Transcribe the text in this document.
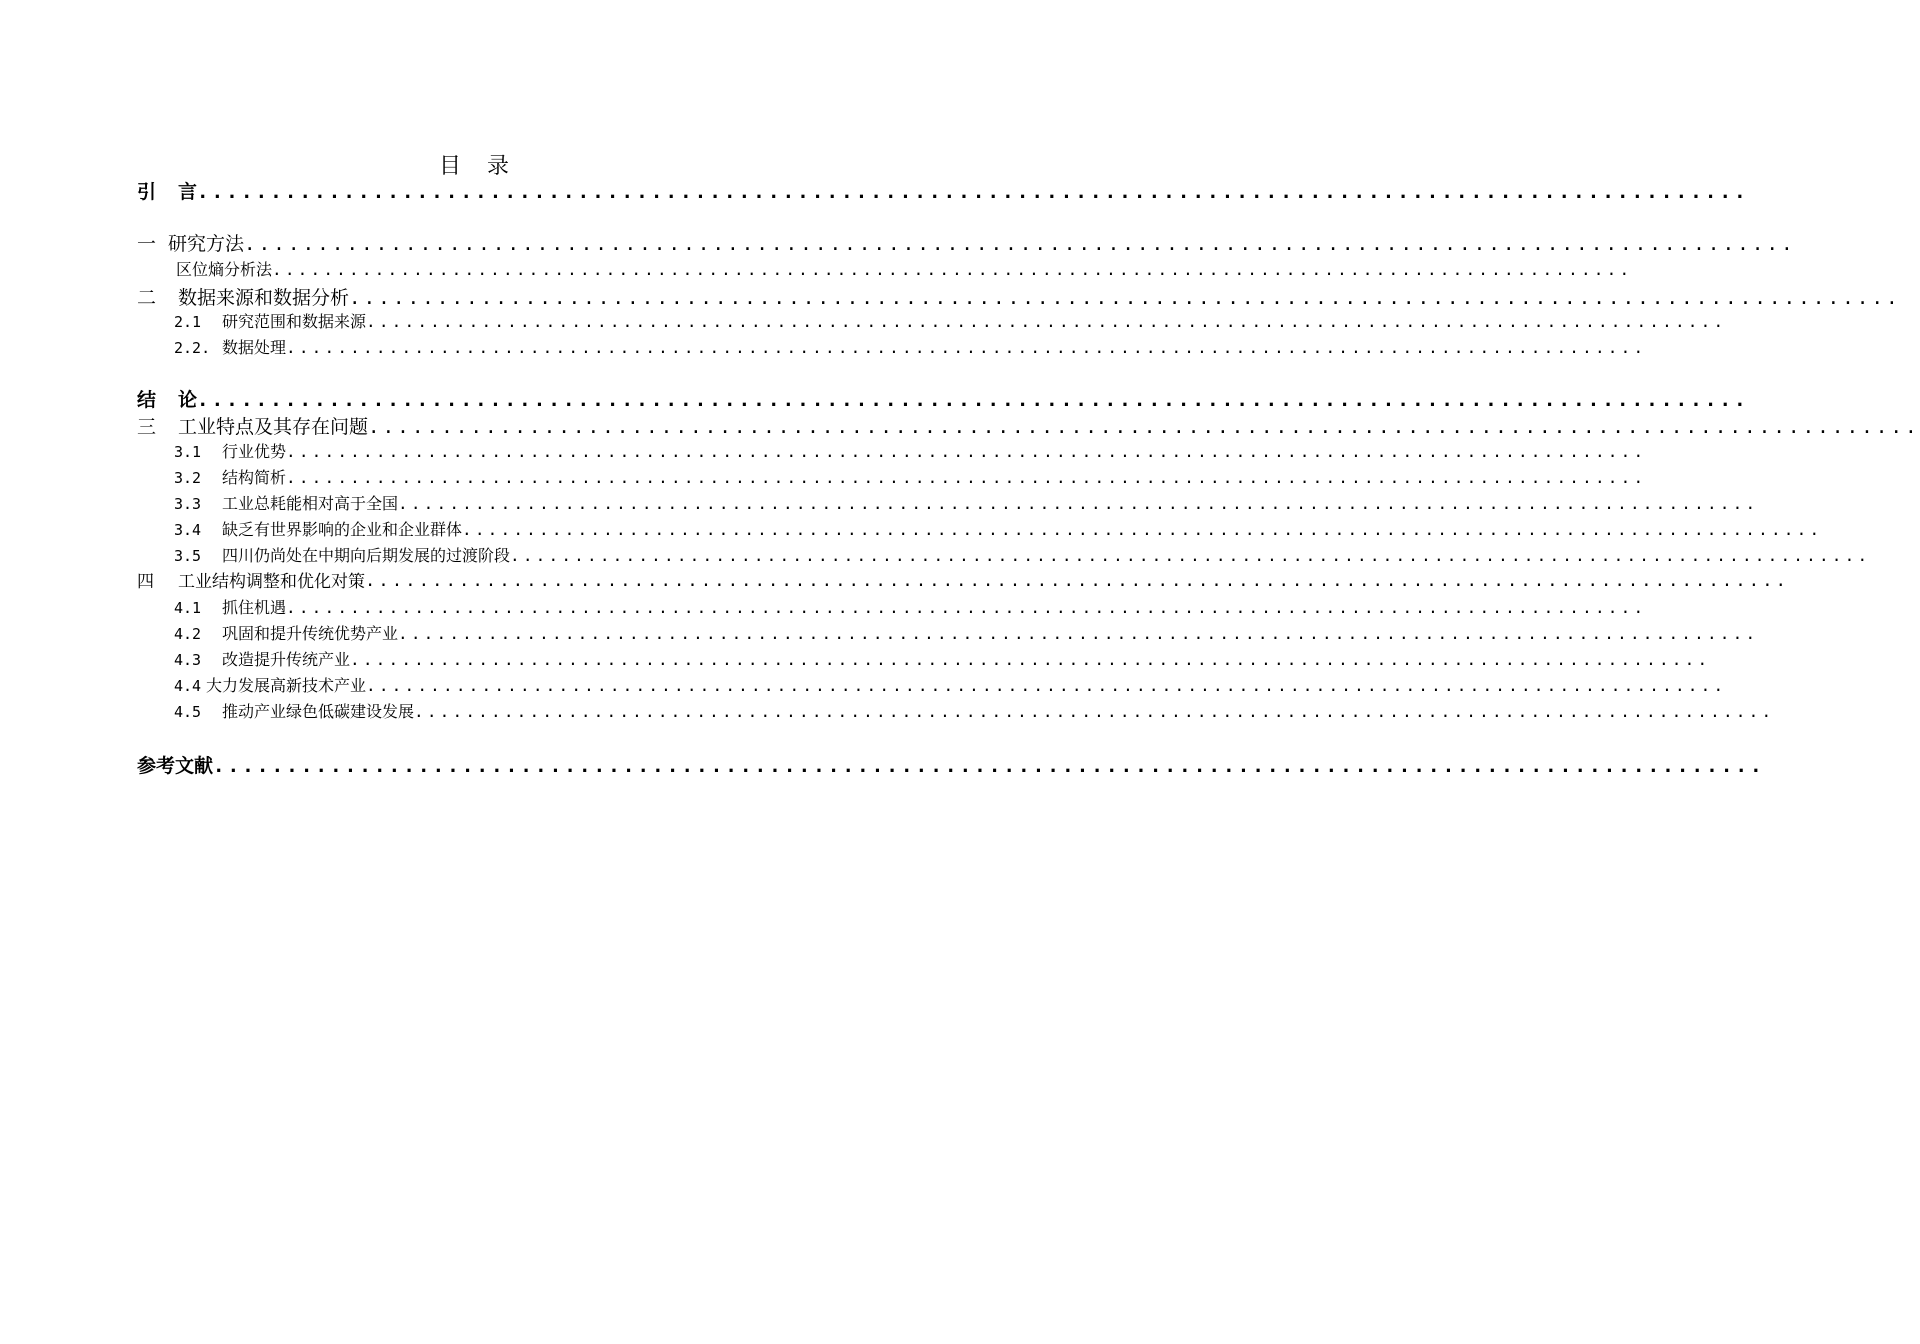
目 录
引 言 ..........................................................................................................
一 研究方法 ..........................................................................................................
区位熵分析法 ..........................................................................................................
二 数据来源和数据分析 ..........................................................................................................
2.1 研究范围和数据来源 ..........................................................................................................
2.2. 数据处理 ..........................................................................................................
结 论 ..........................................................................................................
三 工业特点及其存在问题 ..........................................................................................................
3.1 行业优势 ..........................................................................................................
3.2 结构简析 ..........................................................................................................
3.3 工业总耗能相对高于全国 ..........................................................................................................
3.4 缺乏有世界影响的企业和企业群体 ..........................................................................................................
3.5 四川仍尚处在中期向后期发展的过渡阶段 ..........................................................................................................
四 工业结构调整和优化对策 ..........................................................................................................
4.1 抓住机遇 ..........................................................................................................
4.2 巩固和提升传统优势产业 ..........................................................................................................
4.3 改造提升传统产业 ..........................................................................................................
4.4 大力发展高新技术产业 ..........................................................................................................
4.5 推动产业绿色低碳建设发展 ..........................................................................................................
参考文献 ..........................................................................................................
